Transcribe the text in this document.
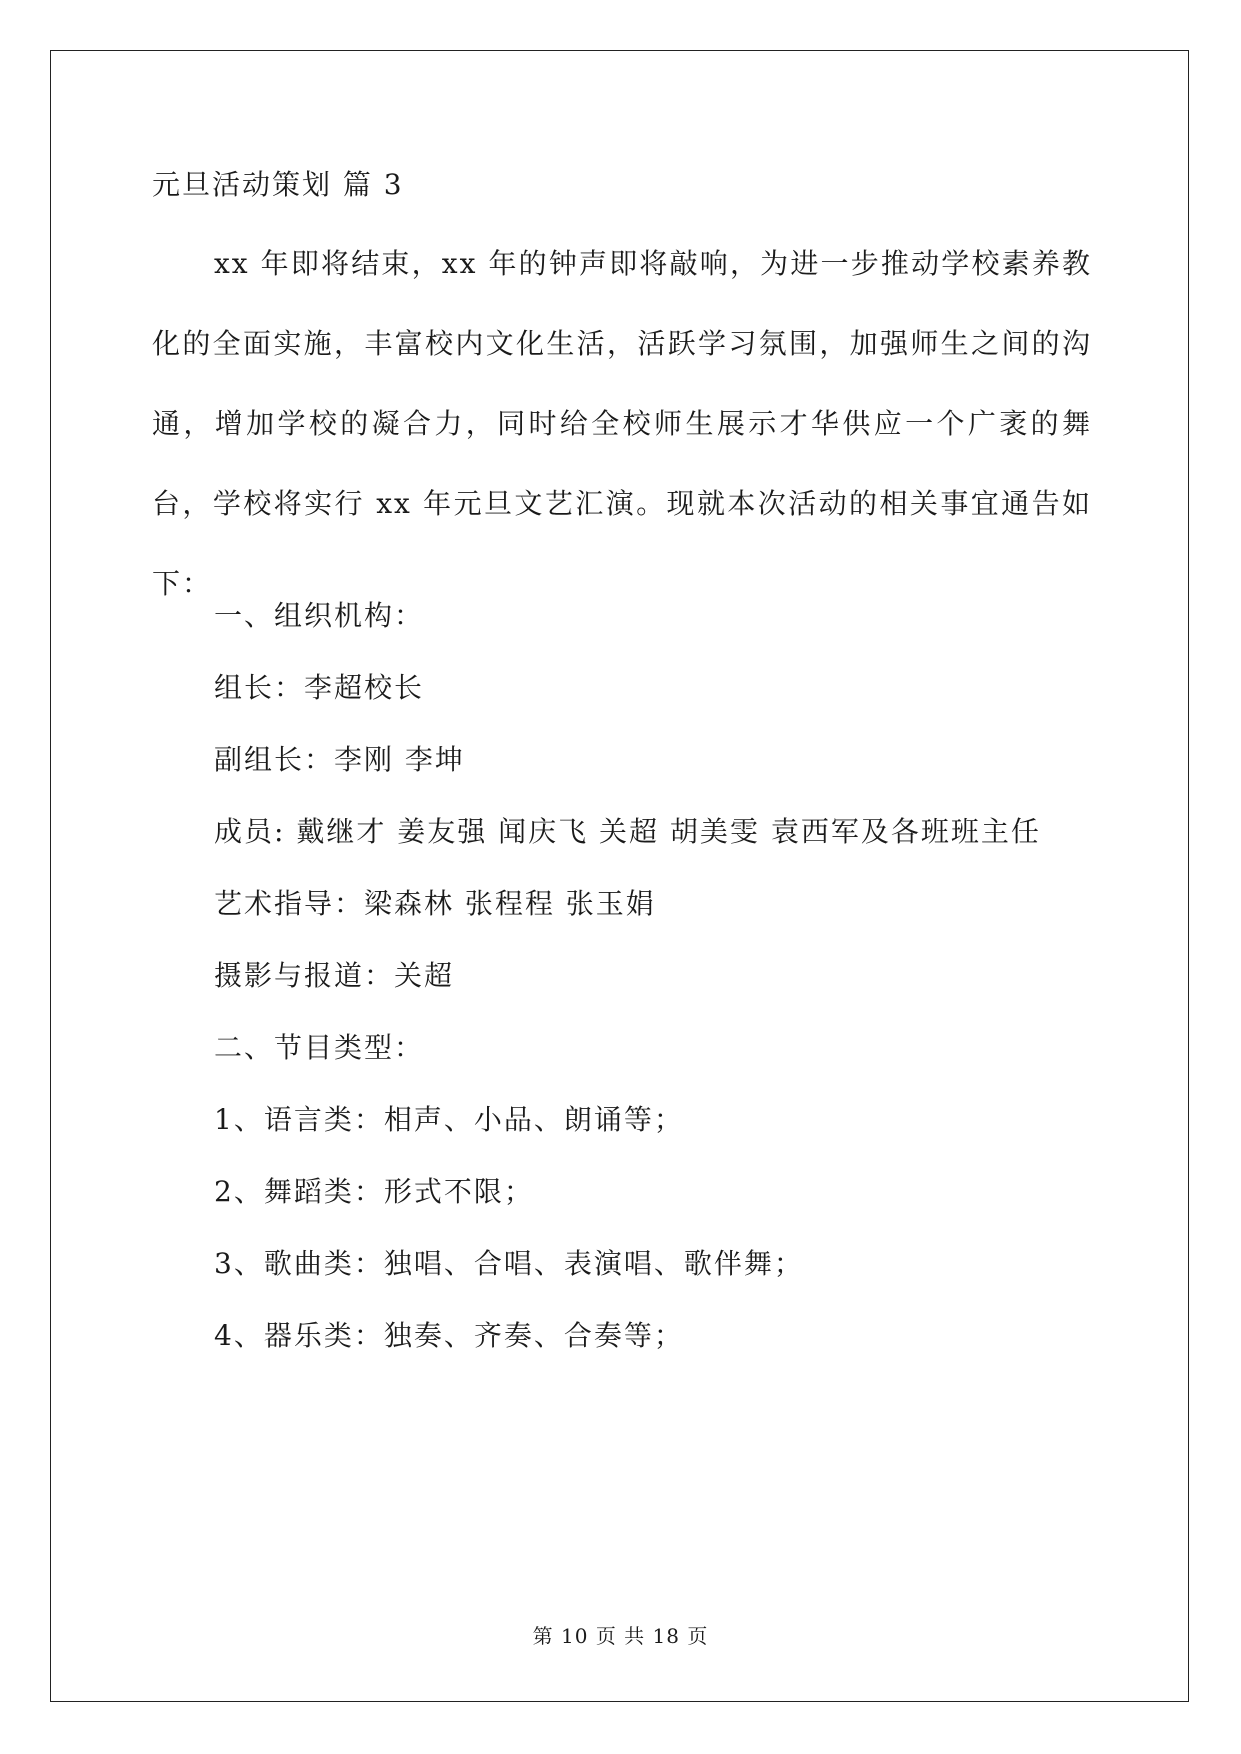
元旦活动策划 篇 3

xx 年即将结束，xx 年的钟声即将敲响，为进一步推动学校素养教化的全面实施，丰富校内文化生活，活跃学习氛围，加强师生之间的沟通，增加学校的凝合力，同时给全校师生展示才华供应一个广袤的舞台，学校将实行 xx 年元旦文艺汇演。现就本次活动的相关事宜通告如下：

一、组织机构：
组长：李超校长
副组长：李刚 李坤
成员: 戴继才 姜友强 闻庆飞 关超 胡美雯 袁西军及各班班主任
艺术指导：梁森林 张程程 张玉娟
摄影与报道：关超
二、节目类型：
1、语言类：相声、小品、朗诵等；
2、舞蹈类：形式不限；
3、歌曲类：独唱、合唱、表演唱、歌伴舞；
4、器乐类：独奏、齐奏、合奏等；
第 10 页 共 18 页
